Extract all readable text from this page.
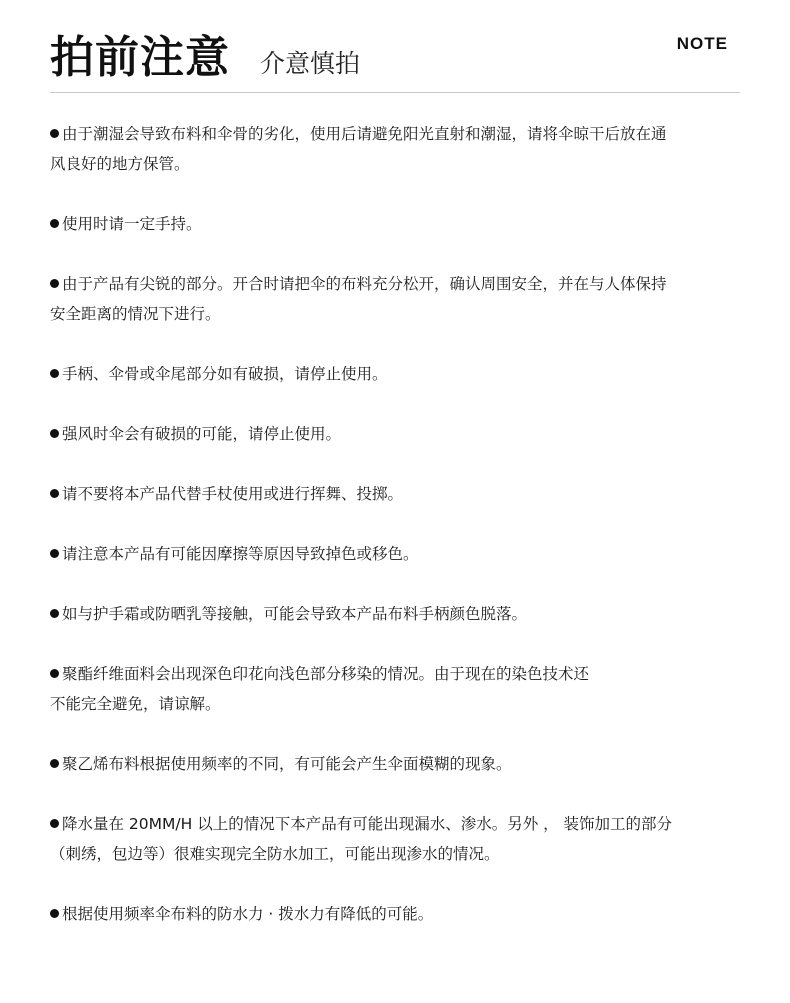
拍前注意 介意慎拍
NOTE
由于潮湿会导致布料和伞骨的劣化，使用后请避免阳光直射和潮湿，请将伞晾干后放在通
风良好的地方保管。
使用时请一定手持。
由于产品有尖锐的部分。开合时请把伞的布料充分松开，确认周围安全，并在与人体保持
安全距离的情况下进行。
手柄、伞骨或伞尾部分如有破损，请停止使用。
强风时伞会有破损的可能，请停止使用。
请不要将本产品代替手杖使用或进行挥舞、投掷。
请注意本产品有可能因摩擦等原因导致掉色或移色。
如与护手霜或防晒乳等接触，可能会导致本产品布料手柄颜色脱落。
聚酯纤维面料会出现深色印花向浅色部分移染的情况。由于现在的染色技术还
不能完全避免，请谅解。
聚乙烯布料根据使用频率的不同，有可能会产生伞面模糊的现象。
降水量在 20MM/H 以上的情况下本产品有可能出现漏水、渗水。另外 ， 装饰加工的部分
（刺绣，包边等）很难实现完全防水加工，可能出现渗水的情况。
根据使用频率伞布料的防水力 · 拨水力有降低的可能。
